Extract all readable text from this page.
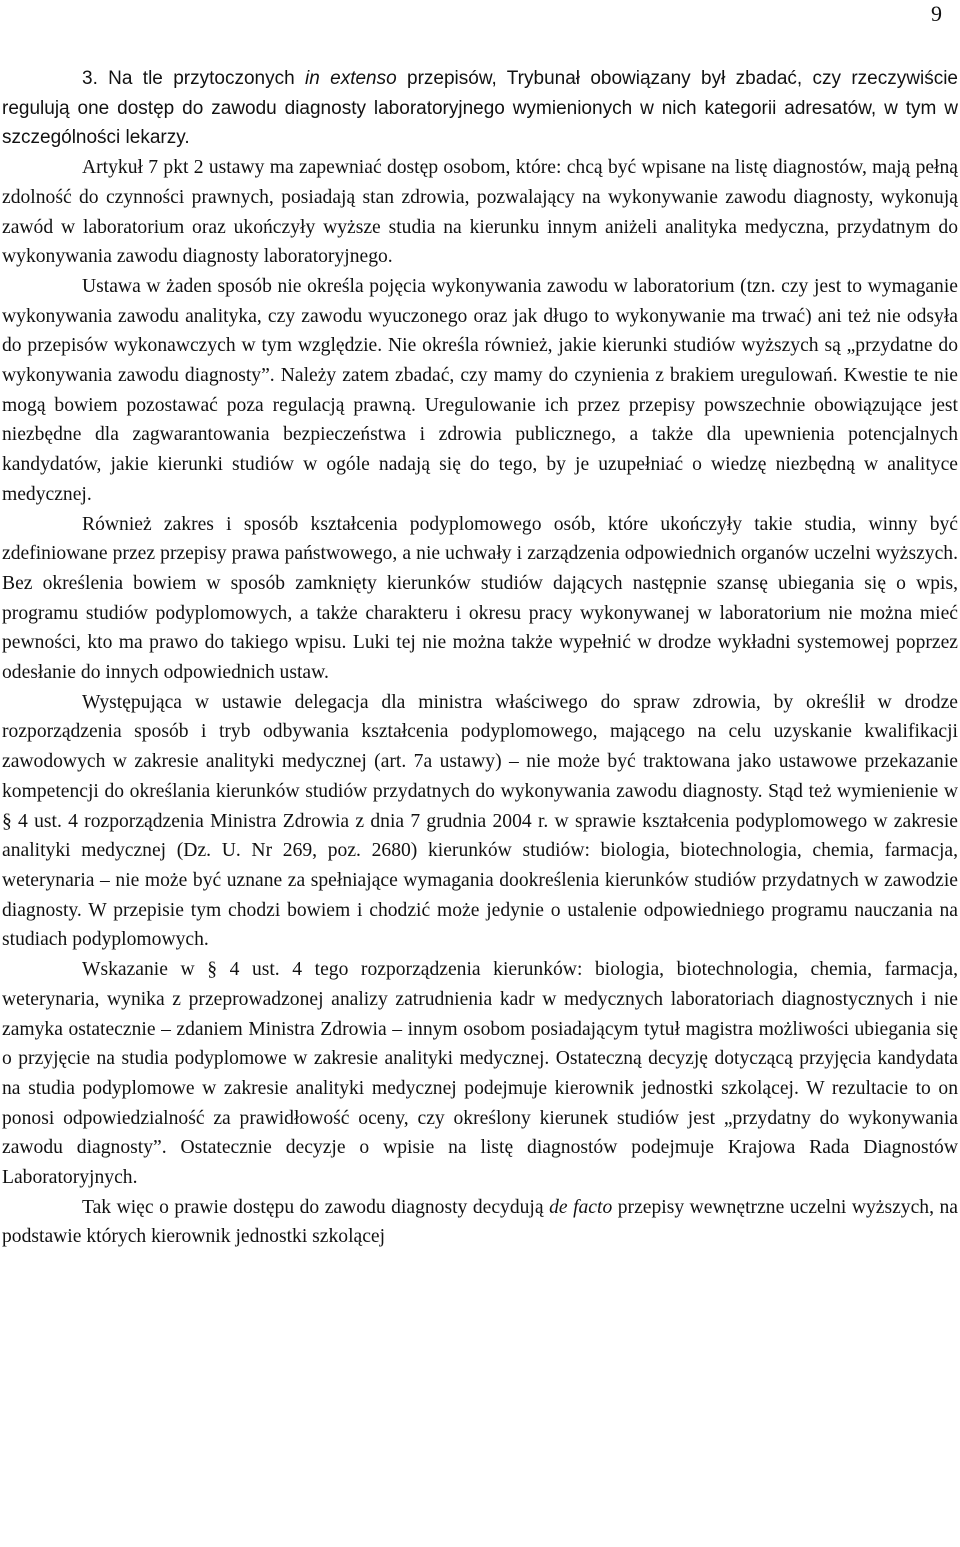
9

3. Na tle przytoczonych in extenso przepisów, Trybunał obowiązany był zbadać, czy rzeczywiście regulują one dostęp do zawodu diagnosty laboratoryjnego wymienionych w nich kategorii adresatów, w tym w szczególności lekarzy.

Artykuł 7 pkt 2 ustawy ma zapewniać dostęp osobom, które: chcą być wpisane na listę diagnostów, mają pełną zdolność do czynności prawnych, posiadają stan zdrowia, pozwalający na wykonywanie zawodu diagnosty, wykonują zawód w laboratorium oraz ukończyły wyższe studia na kierunku innym aniżeli analityka medyczna, przydatnym do wykonywania zawodu diagnosty laboratoryjnego.

Ustawa w żaden sposób nie określa pojęcia wykonywania zawodu w laboratorium (tzn. czy jest to wymaganie wykonywania zawodu analityka, czy zawodu wyuczonego oraz jak długo to wykonywanie ma trwać) ani też nie odsyła do przepisów wykonawczych w tym względzie. Nie określa również, jakie kierunki studiów wyższych są „przydatne do wykonywania zawodu diagnosty”. Należy zatem zbadać, czy mamy do czynienia z brakiem uregulowań. Kwestie te nie mogą bowiem pozostawać poza regulacją prawną. Uregulowanie ich przez przepisy powszechnie obowiązujące jest niezbędne dla zagwarantowania bezpieczeństwa i zdrowia publicznego, a także dla upewnienia potencjalnych kandydatów, jakie kierunki studiów w ogóle nadają się do tego, by je uzupełniać o wiedzę niezbędną w analityce medycznej.

Również zakres i sposób kształcenia podyplomowego osób, które ukończyły takie studia, winny być zdefiniowane przez przepisy prawa państwowego, a nie uchwały i zarządzenia odpowiednich organów uczelni wyższych. Bez określenia bowiem w sposób zamknięty kierunków studiów dających następnie szansę ubiegania się o wpis, programu studiów podyplomowych, a także charakteru i okresu pracy wykonywanej w laboratorium nie można mieć pewności, kto ma prawo do takiego wpisu. Luki tej nie można także wypełnić w drodze wykładni systemowej poprzez odesłanie do innych odpowiednich ustaw.

Występująca w ustawie delegacja dla ministra właściwego do spraw zdrowia, by określił w drodze rozporządzenia sposób i tryb odbywania kształcenia podyplomowego, mającego na celu uzyskanie kwalifikacji zawodowych w zakresie analityki medycznej (art. 7a ustawy) – nie może być traktowana jako ustawowe przekazanie kompetencji do określania kierunków studiów przydatnych do wykonywania zawodu diagnosty. Stąd też wymienienie w § 4 ust. 4 rozporządzenia Ministra Zdrowia z dnia 7 grudnia 2004 r. w sprawie kształcenia podyplomowego w zakresie analityki medycznej (Dz. U. Nr 269, poz. 2680) kierunków studiów: biologia, biotechnologia, chemia, farmacja, weterynaria – nie może być uznane za spełniające wymagania dookreślenia kierunków studiów przydatnych w zawodzie diagnosty. W przepisie tym chodzi bowiem i chodzić może jedynie o ustalenie odpowiedniego programu nauczania na studiach podyplomowych.

Wskazanie w § 4 ust. 4 tego rozporządzenia kierunków: biologia, biotechnologia, chemia, farmacja, weterynaria, wynika z przeprowadzonej analizy zatrudnienia kadr w medycznych laboratoriach diagnostycznych i nie zamyka ostatecznie – zdaniem Ministra Zdrowia – innym osobom posiadającym tytuł magistra możliwości ubiegania się o przyjęcie na studia podyplomowe w zakresie analityki medycznej. Ostateczną decyzję dotyczącą przyjęcia kandydata na studia podyplomowe w zakresie analityki medycznej podejmuje kierownik jednostki szkolącej. W rezultacie to on ponosi odpowiedzialność za prawidłowość oceny, czy określony kierunek studiów jest „przydatny do wykonywania zawodu diagnosty”. Ostatecznie decyzje o wpisie na listę diagnostów podejmuje Krajowa Rada Diagnostów Laboratoryjnych.

Tak więc o prawie dostępu do zawodu diagnosty decydują de facto przepisy wewnętrzne uczelni wyższych, na podstawie których kierownik jednostki szkolącej
